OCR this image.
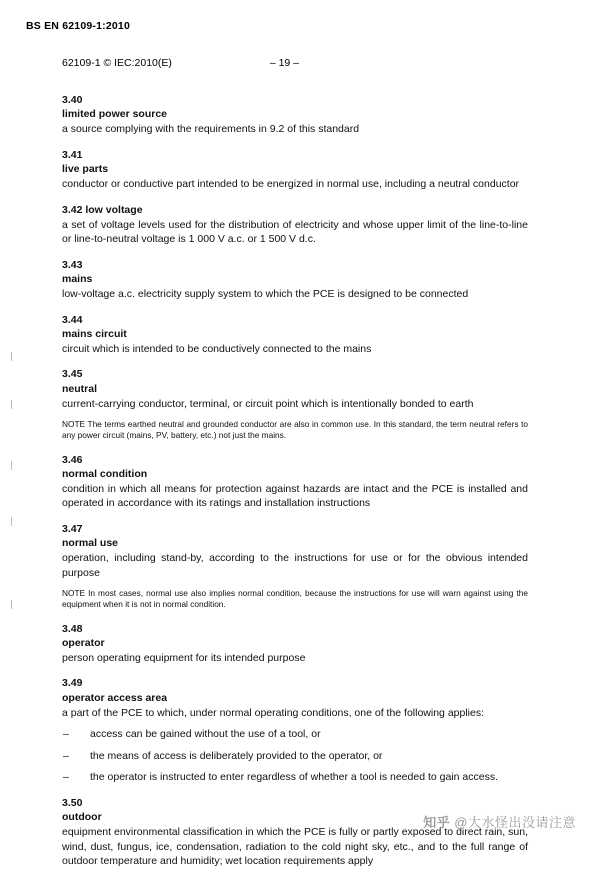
BS EN 62109-1:2010
62109-1 © IEC:2010(E)	– 19 –
3.40
limited power source
a source complying with the requirements in 9.2 of this standard
3.41
live parts
conductor or conductive part intended to be energized in normal use, including a neutral conductor
3.42 low voltage
a set of voltage levels used for the distribution of electricity and whose upper limit of the line-to-line or line-to-neutral voltage is 1 000 V a.c. or 1 500 V d.c.
3.43
mains
low-voltage a.c. electricity supply system to which the PCE is designed to be connected
3.44
mains circuit
circuit which is intended to be conductively connected to the mains
3.45
neutral
current-carrying conductor, terminal, or circuit point which is intentionally bonded to earth
NOTE The terms earthed neutral and grounded conductor are also in common use. In this standard, the term neutral refers to any power circuit (mains, PV, battery, etc.) not just the mains.
3.46
normal condition
condition in which all means for protection against hazards are intact and the PCE is installed and operated in accordance with its ratings and installation instructions
3.47
normal use
operation, including stand-by, according to the instructions for use or for the obvious intended purpose
NOTE In most cases, normal use also implies normal condition, because the instructions for use will warn against using the equipment when it is not in normal condition.
3.48
operator
person operating equipment for its intended purpose
3.49
operator access area
a part of the PCE to which, under normal operating conditions, one of the following applies:
– access can be gained without the use of a tool, or
– the means of access is deliberately provided to the operator, or
– the operator is instructed to enter regardless of whether a tool is needed to gain access.
3.50
outdoor
equipment environmental classification in which the PCE is fully or partly exposed to direct rain, sun, wind, dust, fungus, ice, condensation, radiation to the cold night sky, etc., and to the full range of outdoor temperature and humidity; wet location requirements apply
知乎 @大水怪出没请注意
